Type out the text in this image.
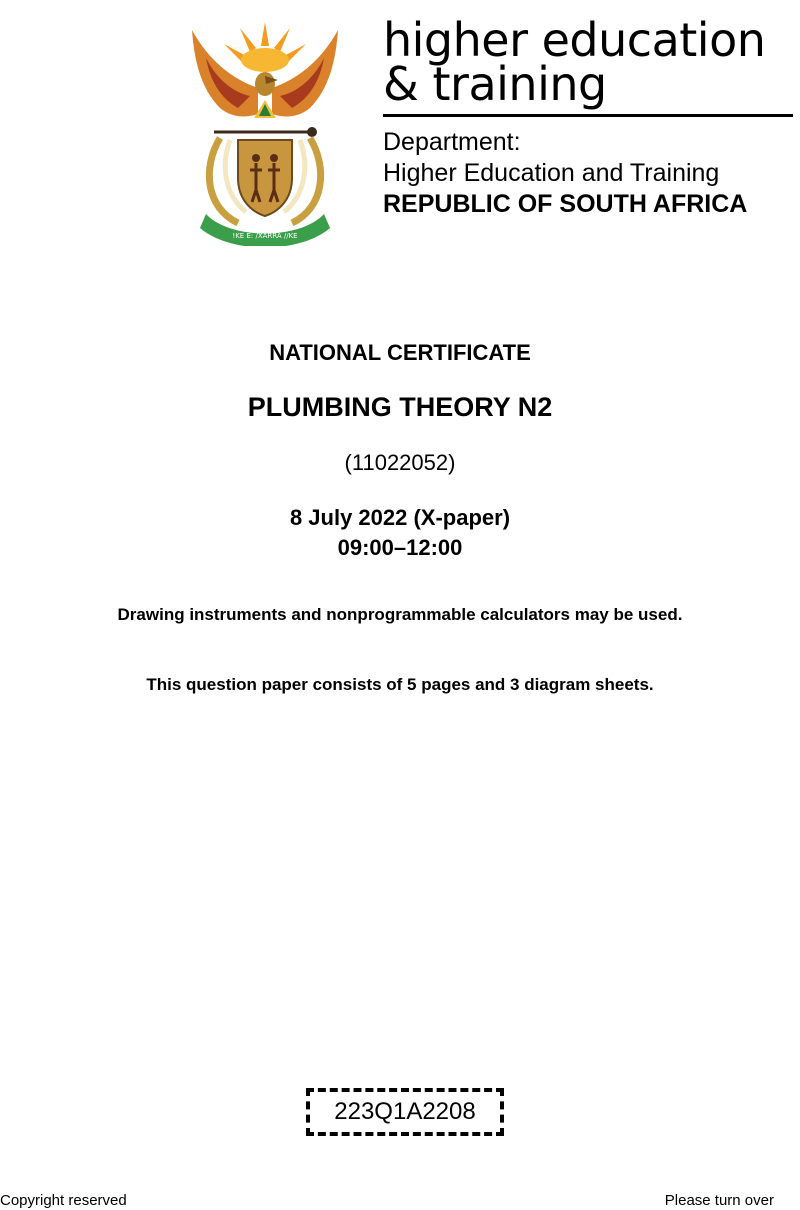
!KE E: /XARRA //KE
higher education
& training
Department:
Higher Education and Training
REPUBLIC OF SOUTH AFRICA
NATIONAL CERTIFICATE
PLUMBING THEORY N2
(11022052)
8 July 2022 (X-paper)
09:00–12:00
Drawing instruments and nonprogrammable calculators may be used.
This question paper consists of 5 pages and 3 diagram sheets.
223Q1A2208
Copyright reserved	Please turn over
